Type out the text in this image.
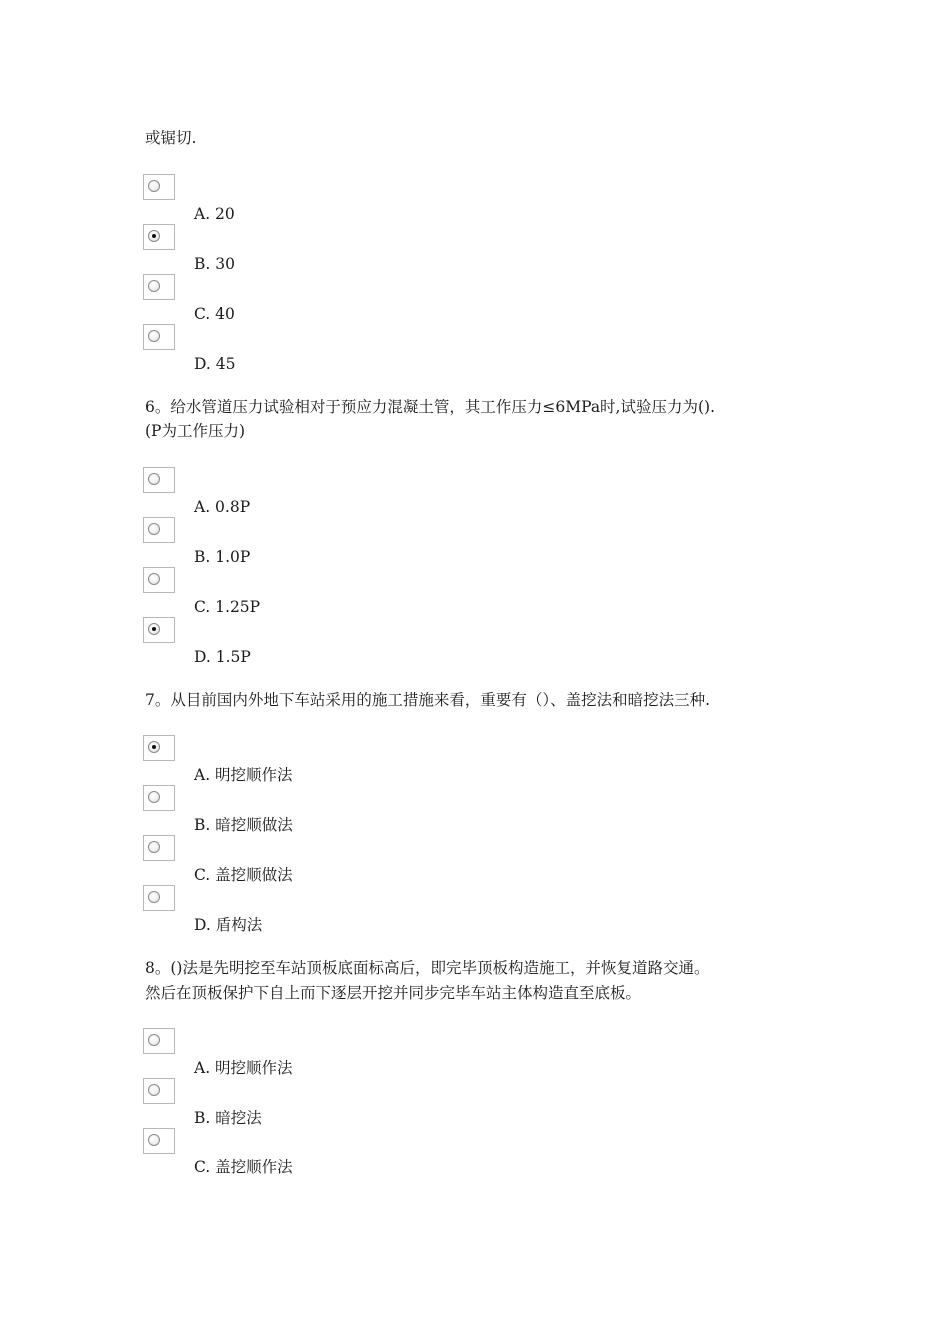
或锯切.
A. 20
B. 30
C. 40
D. 45
6。给水管道压力试验相对于预应力混凝土管，其工作压力≤6MPa时,试验压力为().
(P为工作压力)
A. 0.8P
B. 1.0P
C. 1.25P
D. 1.5P
7。从目前国内外地下车站采用的施工措施来看，重要有（）、盖挖法和暗挖法三种.
A. 明挖顺作法
B. 暗挖顺做法
C. 盖挖顺做法
D. 盾构法
8。()法是先明挖至车站顶板底面标高后，即完毕顶板构造施工，并恢复道路交通。
然后在顶板保护下自上而下逐层开挖并同步完毕车站主体构造直至底板。
A. 明挖顺作法
B. 暗挖法
C. 盖挖顺作法
